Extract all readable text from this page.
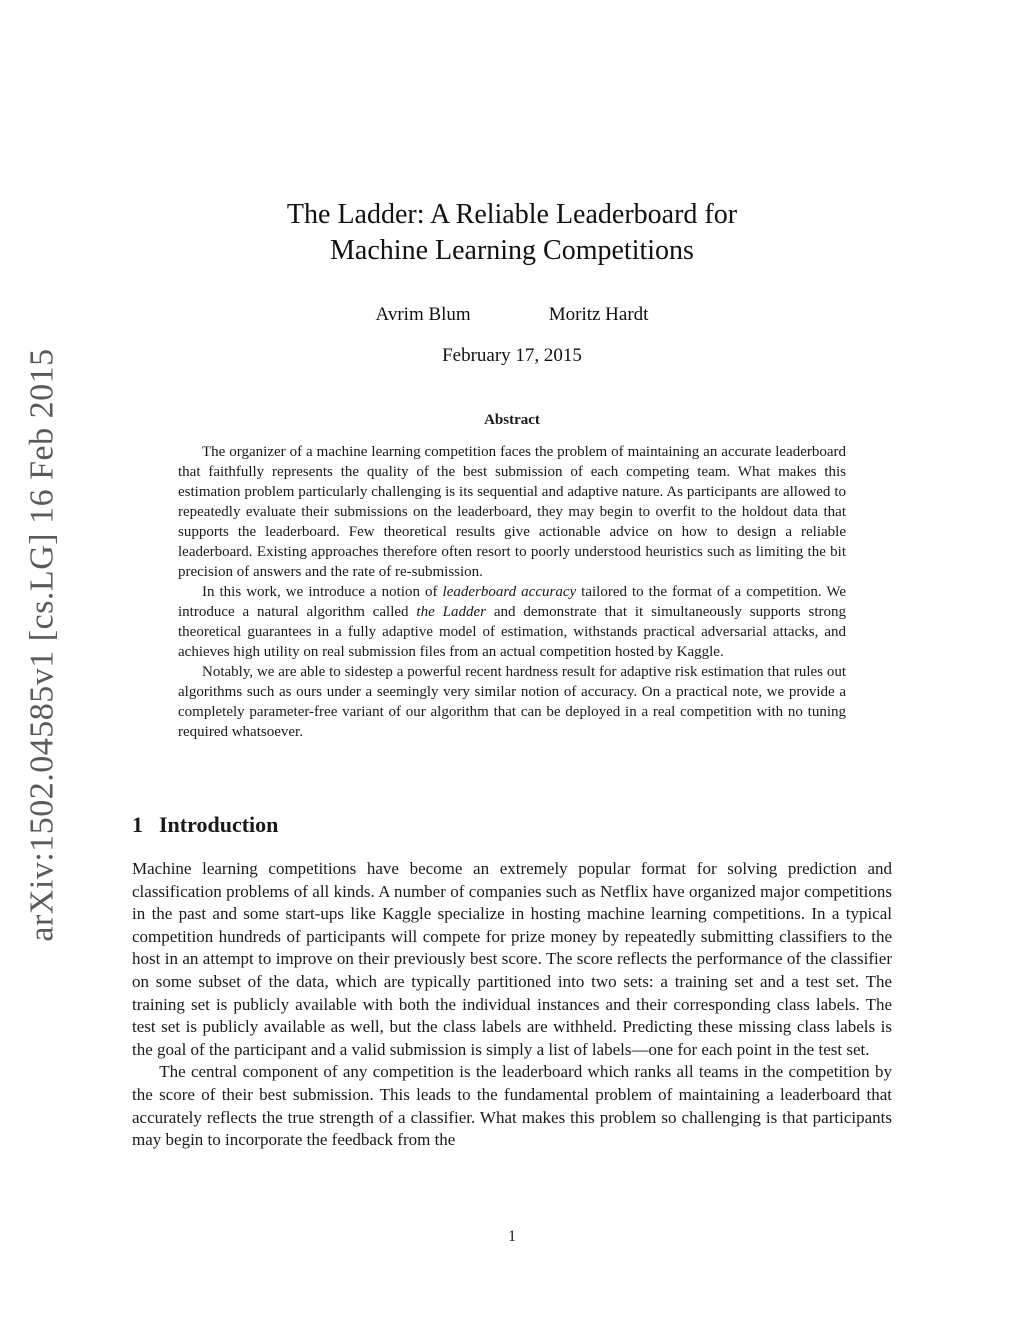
arXiv:1502.04585v1 [cs.LG] 16 Feb 2015
The Ladder: A Reliable Leaderboard for
Machine Learning Competitions
Avrim Blum	Moritz Hardt
February 17, 2015
Abstract

The organizer of a machine learning competition faces the problem of maintaining an accurate leaderboard that faithfully represents the quality of the best submission of each competing team. What makes this estimation problem particularly challenging is its sequential and adaptive nature. As participants are allowed to repeatedly evaluate their submissions on the leaderboard, they may begin to overfit to the holdout data that supports the leaderboard. Few theoretical results give actionable advice on how to design a reliable leaderboard. Existing approaches therefore often resort to poorly understood heuristics such as limiting the bit precision of answers and the rate of re-submission.

In this work, we introduce a notion of leaderboard accuracy tailored to the format of a competition. We introduce a natural algorithm called the Ladder and demonstrate that it simultaneously supports strong theoretical guarantees in a fully adaptive model of estimation, withstands practical adversarial attacks, and achieves high utility on real submission files from an actual competition hosted by Kaggle.

Notably, we are able to sidestep a powerful recent hardness result for adaptive risk estimation that rules out algorithms such as ours under a seemingly very similar notion of accuracy. On a practical note, we provide a completely parameter-free variant of our algorithm that can be deployed in a real competition with no tuning required whatsoever.

1 Introduction

Machine learning competitions have become an extremely popular format for solving prediction and classification problems of all kinds. A number of companies such as Netflix have organized major competitions in the past and some start-ups like Kaggle specialize in hosting machine learning competitions. In a typical competition hundreds of participants will compete for prize money by repeatedly submitting classifiers to the host in an attempt to improve on their previously best score. The score reflects the performance of the classifier on some subset of the data, which are typically partitioned into two sets: a training set and a test set. The training set is publicly available with both the individual instances and their corresponding class labels. The test set is publicly available as well, but the class labels are withheld. Predicting these missing class labels is the goal of the participant and a valid submission is simply a list of labels—one for each point in the test set.

The central component of any competition is the leaderboard which ranks all teams in the competition by the score of their best submission. This leads to the fundamental problem of maintaining a leaderboard that accurately reflects the true strength of a classifier. What makes this problem so challenging is that participants may begin to incorporate the feedback from the

1
